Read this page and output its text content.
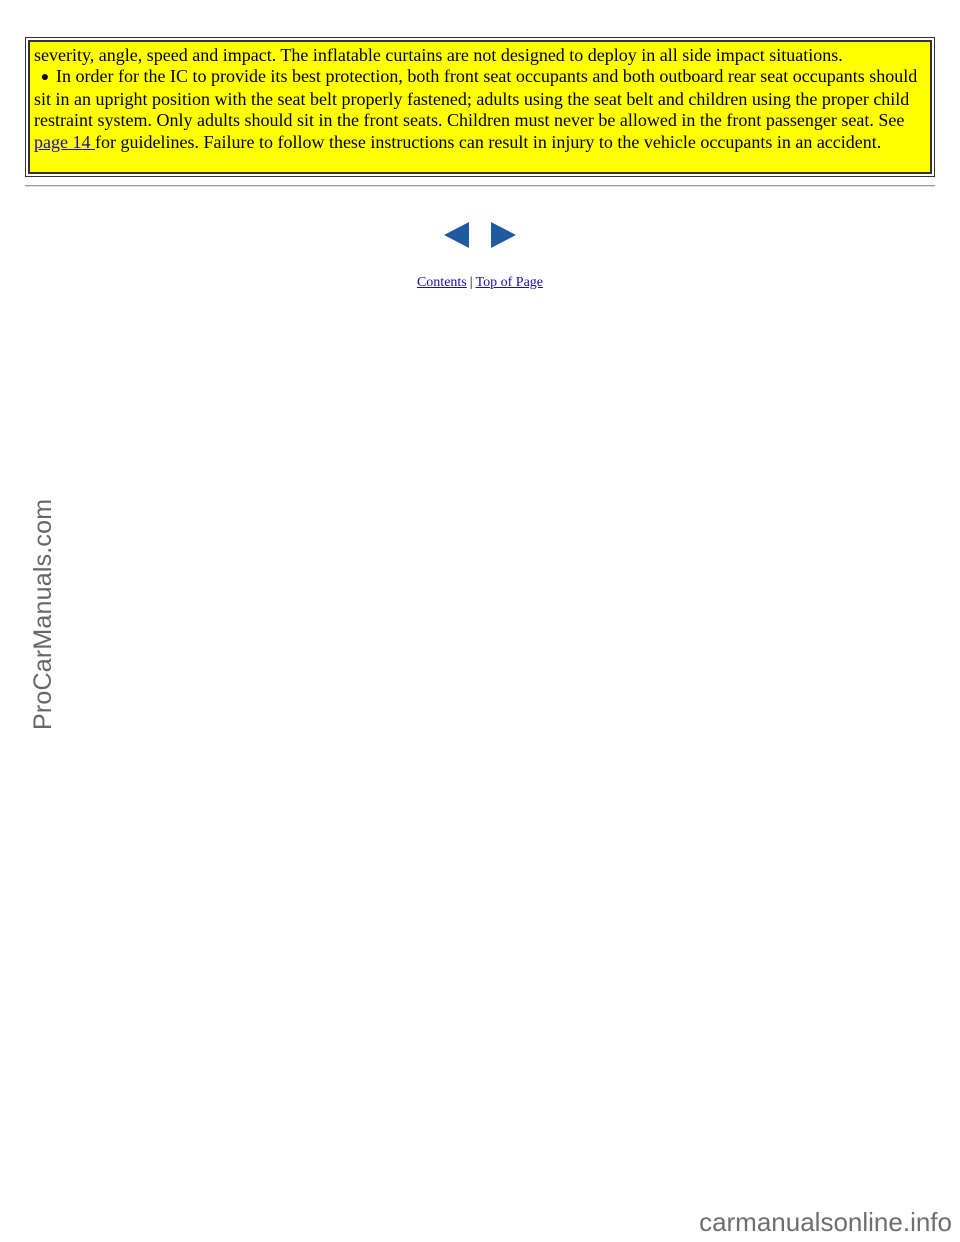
severity, angle, speed and impact. The inflatable curtains are not designed to deploy in all side impact situations.

● In order for the IC to provide its best protection, both front seat occupants and both outboard rear seat occupants should sit in an upright position with the seat belt properly fastened; adults using the seat belt and children using the proper child restraint system. Only adults should sit in the front seats. Children must never be allowed in the front passenger seat. See page 14 for guidelines. Failure to follow these instructions can result in injury to the vehicle occupants in an accident.
Contents | Top of Page
ProCarManuals.com
carmanualsonline.info
